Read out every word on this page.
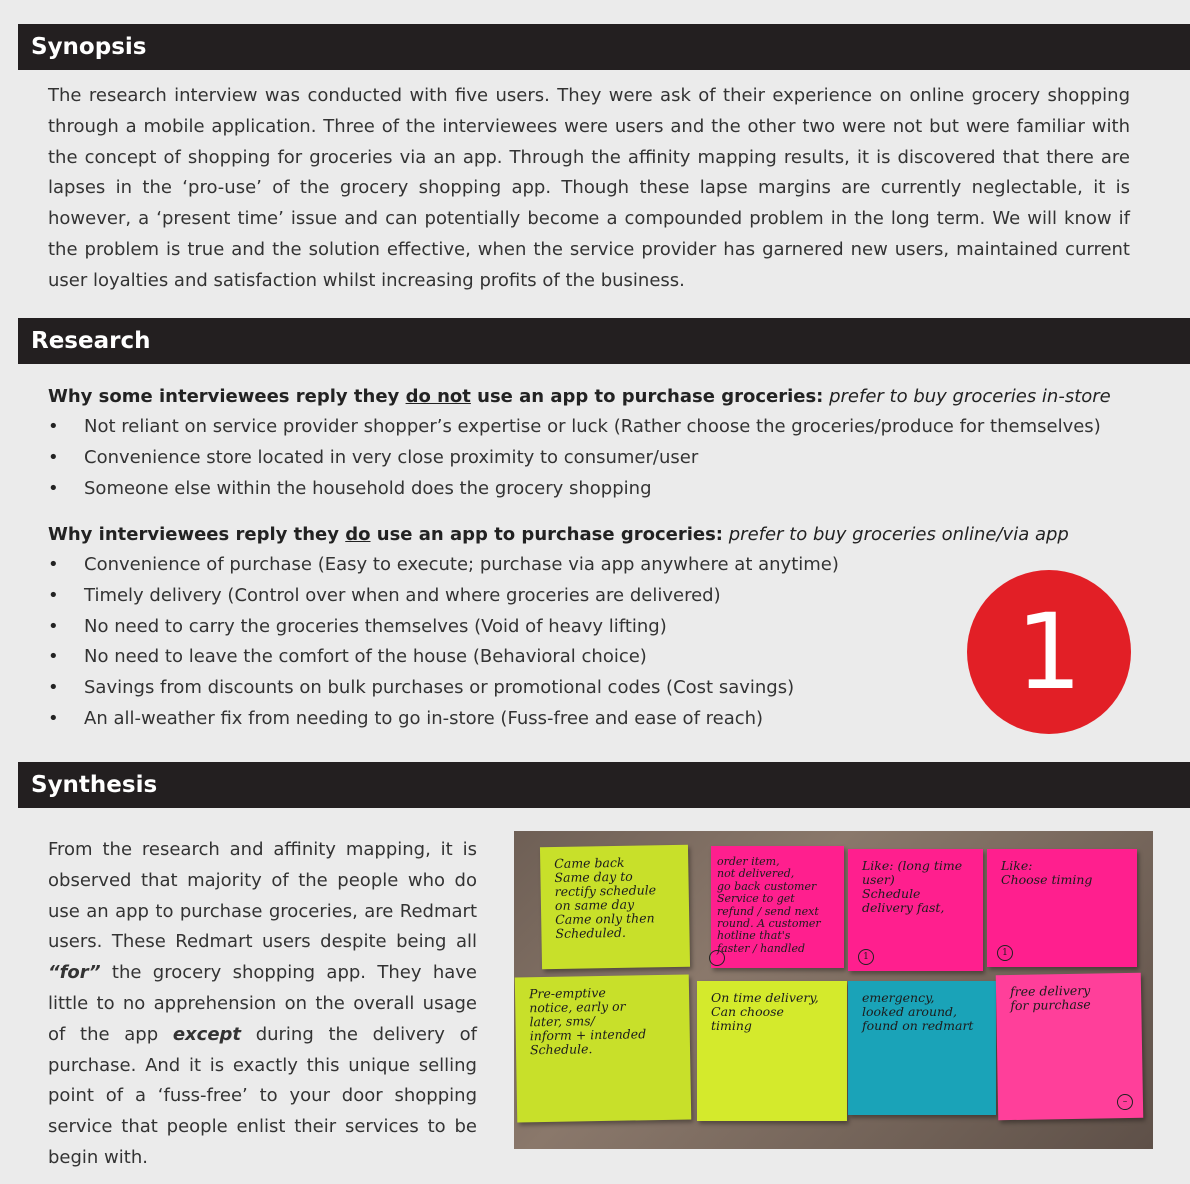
Synopsis
The research interview was conducted with five users. They were ask of their experience on online grocery shopping through a mobile application. Three of the interviewees were users and the other two were not but were familiar with the concept of shopping for groceries via an app. Through the affinity mapping results, it is discovered that there are lapses in the ‘pro-use’ of the grocery shopping app. Though these lapse margins are currently neglectable, it is however, a ‘present time’ issue and can potentially become a compounded problem in the long term. We will know if the problem is true and the solution effective, when the service provider has garnered new users, maintained current user loyalties and satisfaction whilst increasing profits of the business.
Research
Why some interviewees reply they do not use an app to purchase groceries: prefer to buy groceries in-store
• Not reliant on service provider shopper’s expertise or luck (Rather choose the groceries/produce for themselves)
• Convenience store located in very close proximity to consumer/user
• Someone else within the household does the grocery shopping
Why interviewees reply they do use an app to purchase groceries: prefer to buy groceries online/via app
• Convenience of purchase (Easy to execute; purchase via app anywhere at anytime)
• Timely delivery (Control over when and where groceries are delivered)
• No need to carry the groceries themselves (Void of heavy lifting)
• No need to leave the comfort of the house (Behavioral choice)
• Savings from discounts on bulk purchases or promotional codes (Cost savings)
• An all-weather fix from needing to go in-store (Fuss-free and ease of reach)
1
Synthesis
From the research and affinity mapping, it is observed that majority of the people who do use an app to purchase groceries, are Redmart users. These Redmart users despite being all “for” the grocery shopping app. They have little to no apprehension on the overall usage of the app except during the delivery of purchase. And it is exactly this unique selling point of a ‘fuss-free’ to your door shopping service that people enlist their services to be begin with.
Came back
Same day to
rectify schedule
on same day
Came only then
Scheduled.
order item,
not delivered,
go back customer
Service to get
refund / send next
round. A customer
hotline that's
faster / handled
Like: (long time
user)
Schedule
delivery fast,
1
Like:
Choose timing
1
Pre-emptive
notice, early or
later, sms/
inform + intended
Schedule.
On time delivery,
Can choose
timing
emergency,
looked around,
found on redmart
free delivery
for purchase
–
